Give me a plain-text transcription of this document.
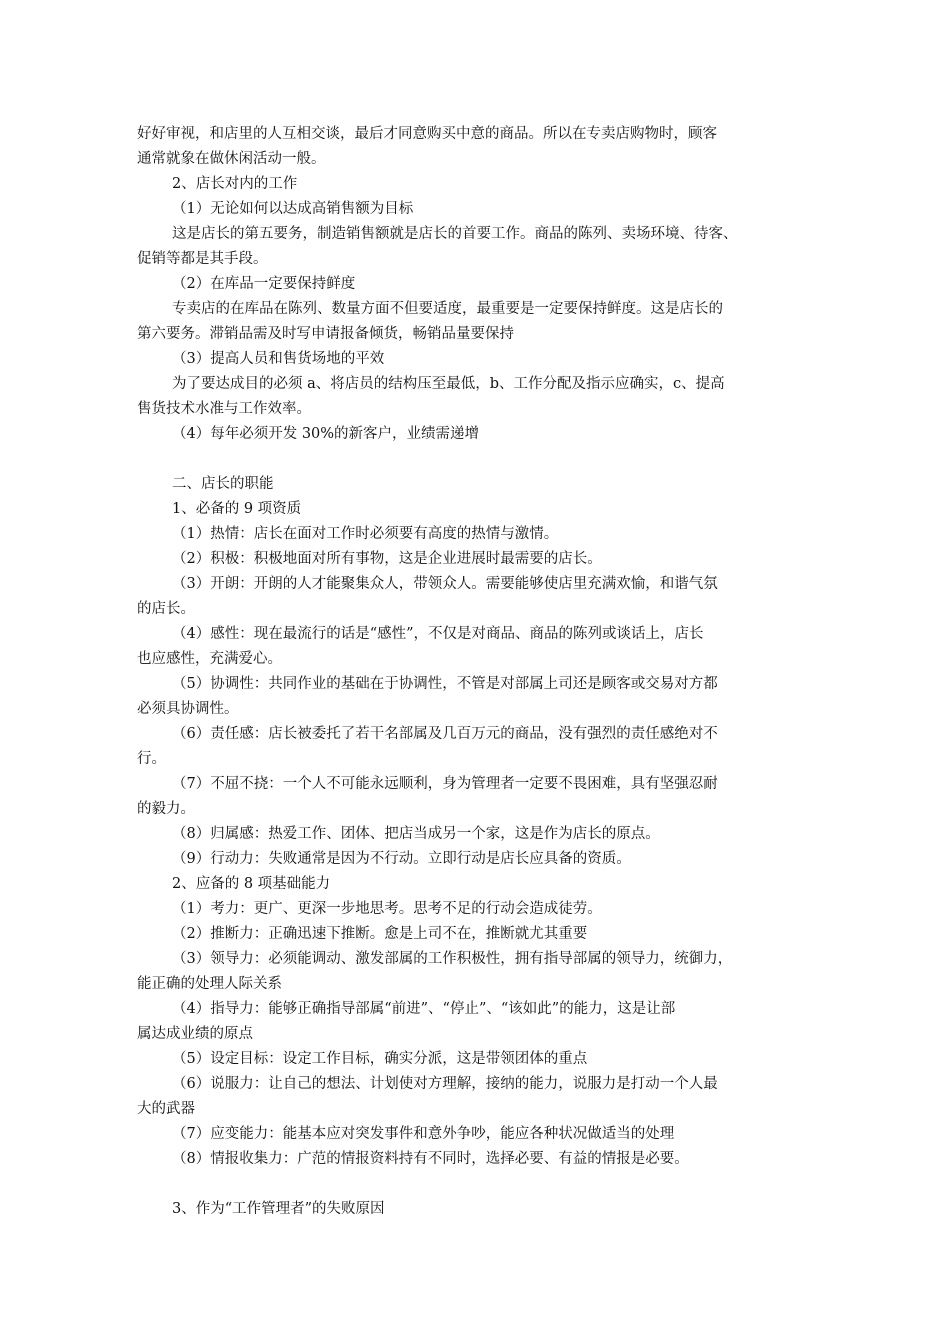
好好审视，和店里的人互相交谈，最后才同意购买中意的商品。所以在专卖店购物时，顾客
通常就象在做休闲活动一般。
2、店长对内的工作
（1）无论如何以达成高销售额为目标
这是店长的第五要务，制造销售额就是店长的首要工作。商品的陈列、卖场环境、待客、
促销等都是其手段。
（2）在库品一定要保持鲜度
专卖店的在库品在陈列、数量方面不但要适度，最重要是一定要保持鲜度。这是店长的
第六要务。滞销品需及时写申请报备倾货，畅销品量要保持
（3）提高人员和售货场地的平效
为了要达成目的必须 a、将店员的结构压至最低，b、工作分配及指示应确实，c、提高
售货技术水准与工作效率。
（4）每年必须开发 30%的新客户，业绩需递增
二、店长的职能
1、必备的 9 项资质
（1）热情：店长在面对工作时必须要有高度的热情与激情。
（2）积极：积极地面对所有事物，这是企业进展时最需要的店长。
（3）开朗：开朗的人才能聚集众人，带领众人。需要能够使店里充满欢愉，和谐气氛
的店长。
（4）感性：现在最流行的话是“感性”，不仅是对商品、商品的陈列或谈话上，店长
也应感性，充满爱心。
（5）协调性：共同作业的基础在于协调性，不管是对部属上司还是顾客或交易对方都
必须具协调性。
（6）责任感：店长被委托了若干名部属及几百万元的商品，没有强烈的责任感绝对不
行。
（7）不屈不挠：一个人不可能永远顺利，身为管理者一定要不畏困难，具有坚强忍耐
的毅力。
（8）归属感：热爱工作、团体、把店当成另一个家，这是作为店长的原点。
（9）行动力：失败通常是因为不行动。立即行动是店长应具备的资质。
2、应备的 8 项基础能力
（1）考力：更广、更深一步地思考。思考不足的行动会造成徒劳。
（2）推断力：正确迅速下推断。愈是上司不在，推断就尤其重要
（3）领导力：必须能调动、激发部属的工作积极性，拥有指导部属的领导力，统御力，
能正确的处理人际关系
（4）指导力：能够正确指导部属“前进”、“停止”、“该如此”的能力，这是让部
属达成业绩的原点
（5）设定目标：设定工作目标，确实分派，这是带领团体的重点
（6）说服力：让自己的想法、计划使对方理解，接纳的能力，说服力是打动一个人最
大的武器
（7）应变能力：能基本应对突发事件和意外争吵，能应各种状况做适当的处理
（8）情报收集力：广范的情报资料持有不同时，选择必要、有益的情报是必要。
3、作为“工作管理者”的失败原因
